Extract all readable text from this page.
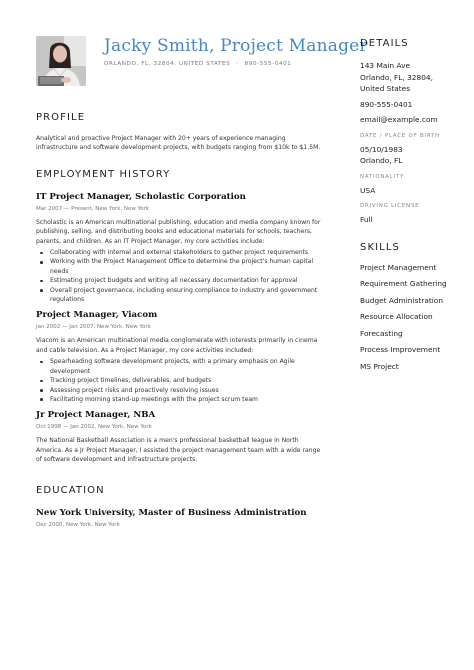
Jacky Smith, Project Manager
ORLANDO, FL, 32804, UNITED STATES · 890-555-0401
PROFILE

Analytical and proactive Project Manager with 20+ years of experience managing infrastructure and software development projects, with budgets ranging from $10k to $1.5M.

EMPLOYMENT HISTORY

IT Project Manager, Scholastic Corporation

Mar 2007 — Present, New York, New York

Scholastic is an American multinational publishing, education and media company known for publishing, selling, and distributing books and educational materials for schools, teachers, parents, and children. As an IT Project Manager, my core activities include:

Collaborating with internal and external stakeholders to gather project requirements
Working with the Project Management Office to determine the project's human capital needs
Estimating project budgets and writing all necessary documentation for approval
Overall project governance, including ensuring compliance to industry and government regulations

Project Manager, Viacom

Jan 2002 — Jan 2007, New York, New York

Viacom is an American multinational media conglomerate with interests primarily in cinema and cable television. As a Project Manager, my core activities included:

Spearheading software development projects, with a primary emphasis on Agile development
Tracking project timelines, deliverables, and budgets
Assessing project risks and proactively resolving issues
Facilitating morning stand-up meetings with the project scrum team

Jr Project Manager, NBA

Oct 1998 — Jan 2002, New York, New York

The National Basketball Association is a men's professional basketball league in North America. As a Jr Project Manager, I assisted the project management team with a wide range of software development and infrastructure projects.

EDUCATION

New York University, Master of Business Administration

Dec 2000, New York, New York

DETAILS

143 Main Ave

Orlando, FL, 32804,

United States

890-555-0401

email@example.com

DATE / PLACE OF BIRTH

05/10/1983

Orlando, FL

NATIONALITY

USA

DRIVING LICENSE

Full

SKILLS

Project Management

Requirement Gathering

Budget Administration

Resource Allocation

Forecasting

Process Improvement

MS Project
